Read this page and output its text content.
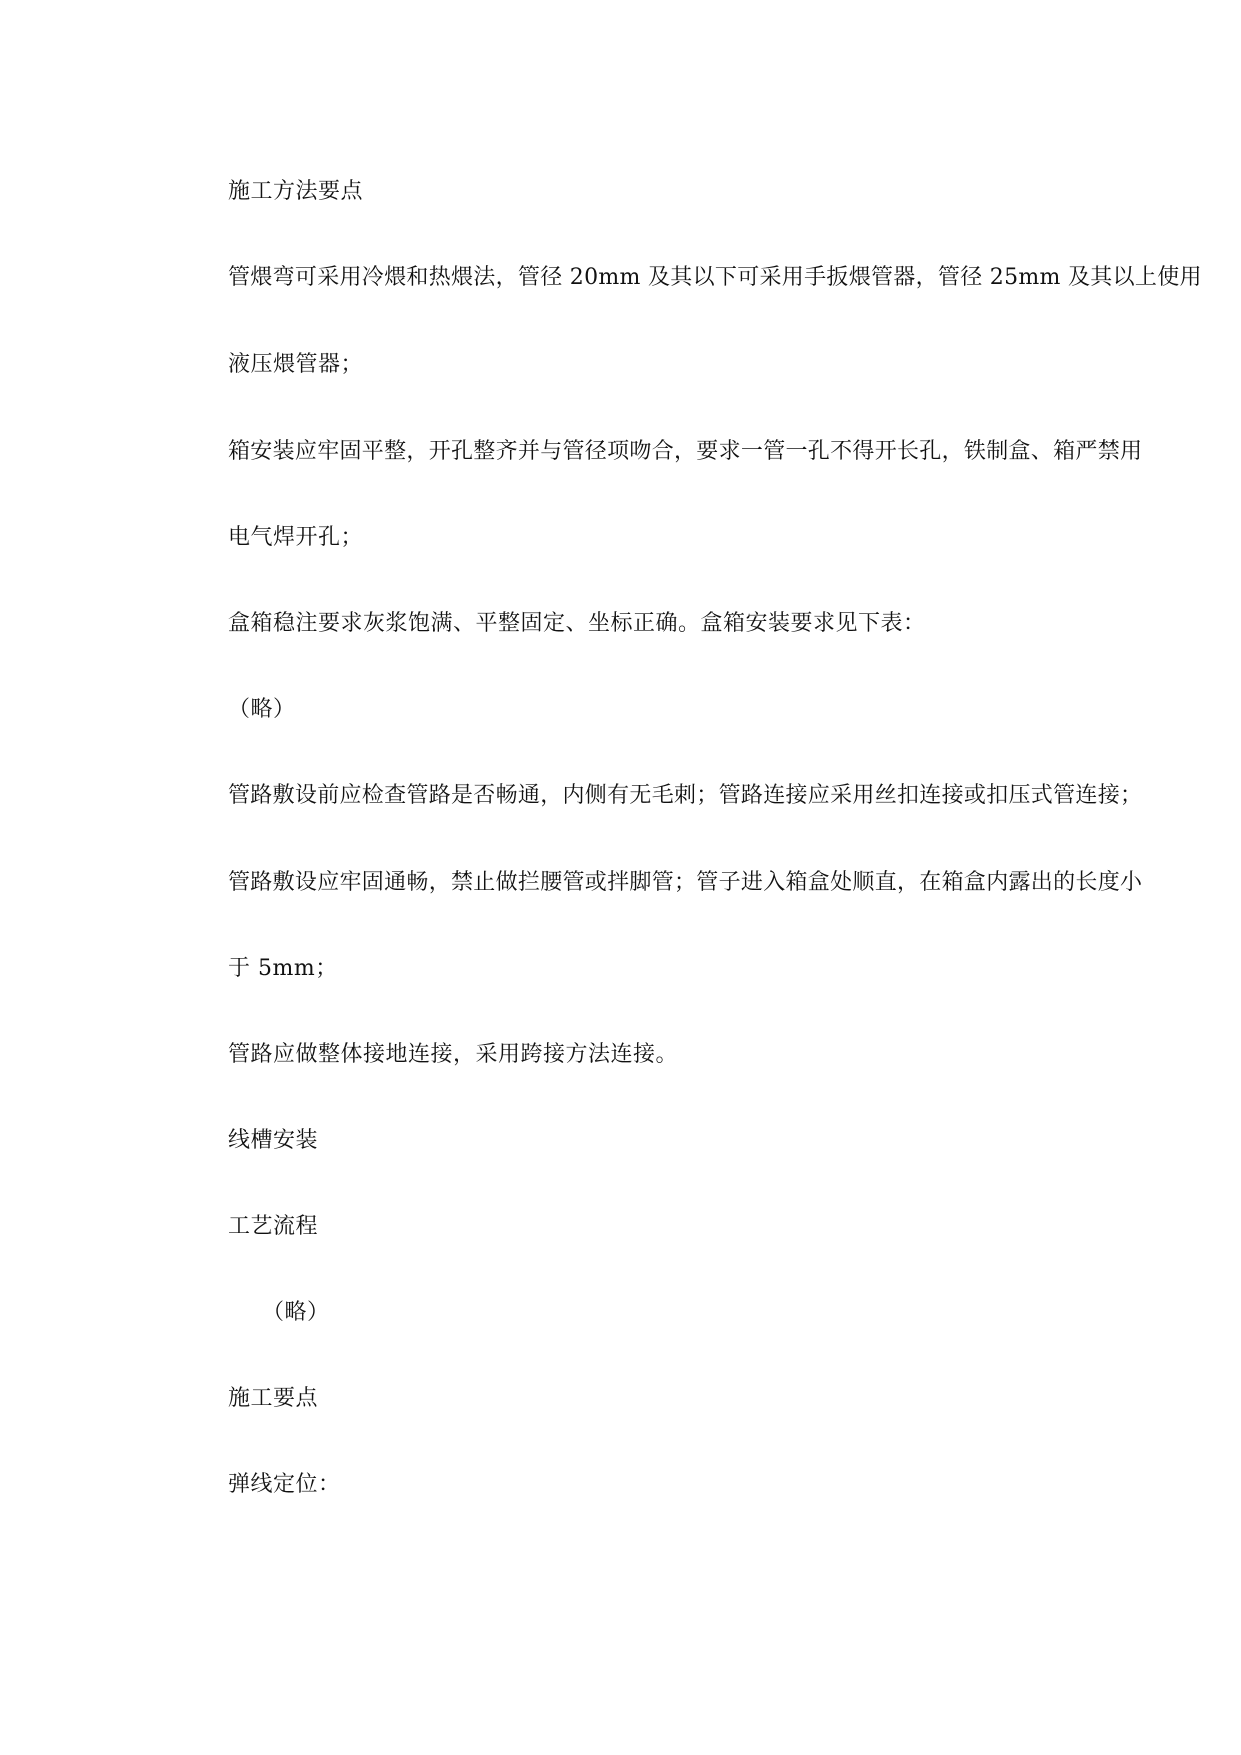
施工方法要点
管煨弯可采用冷煨和热煨法，管径 20mm 及其以下可采用手扳煨管器，管径 25mm 及其以上使用
液压煨管器；
箱安装应牢固平整，开孔整齐并与管径项吻合，要求一管一孔不得开长孔，铁制盒、箱严禁用
电气焊开孔；
盒箱稳注要求灰浆饱满、平整固定、坐标正确。盒箱安装要求见下表：
（略）
管路敷设前应检查管路是否畅通，内侧有无毛刺；管路连接应采用丝扣连接或扣压式管连接；
管路敷设应牢固通畅，禁止做拦腰管或拌脚管；管子进入箱盒处顺直，在箱盒内露出的长度小
于 5mm；
管路应做整体接地连接，采用跨接方法连接。
线槽安装
工艺流程
（略）
施工要点
弹线定位：
